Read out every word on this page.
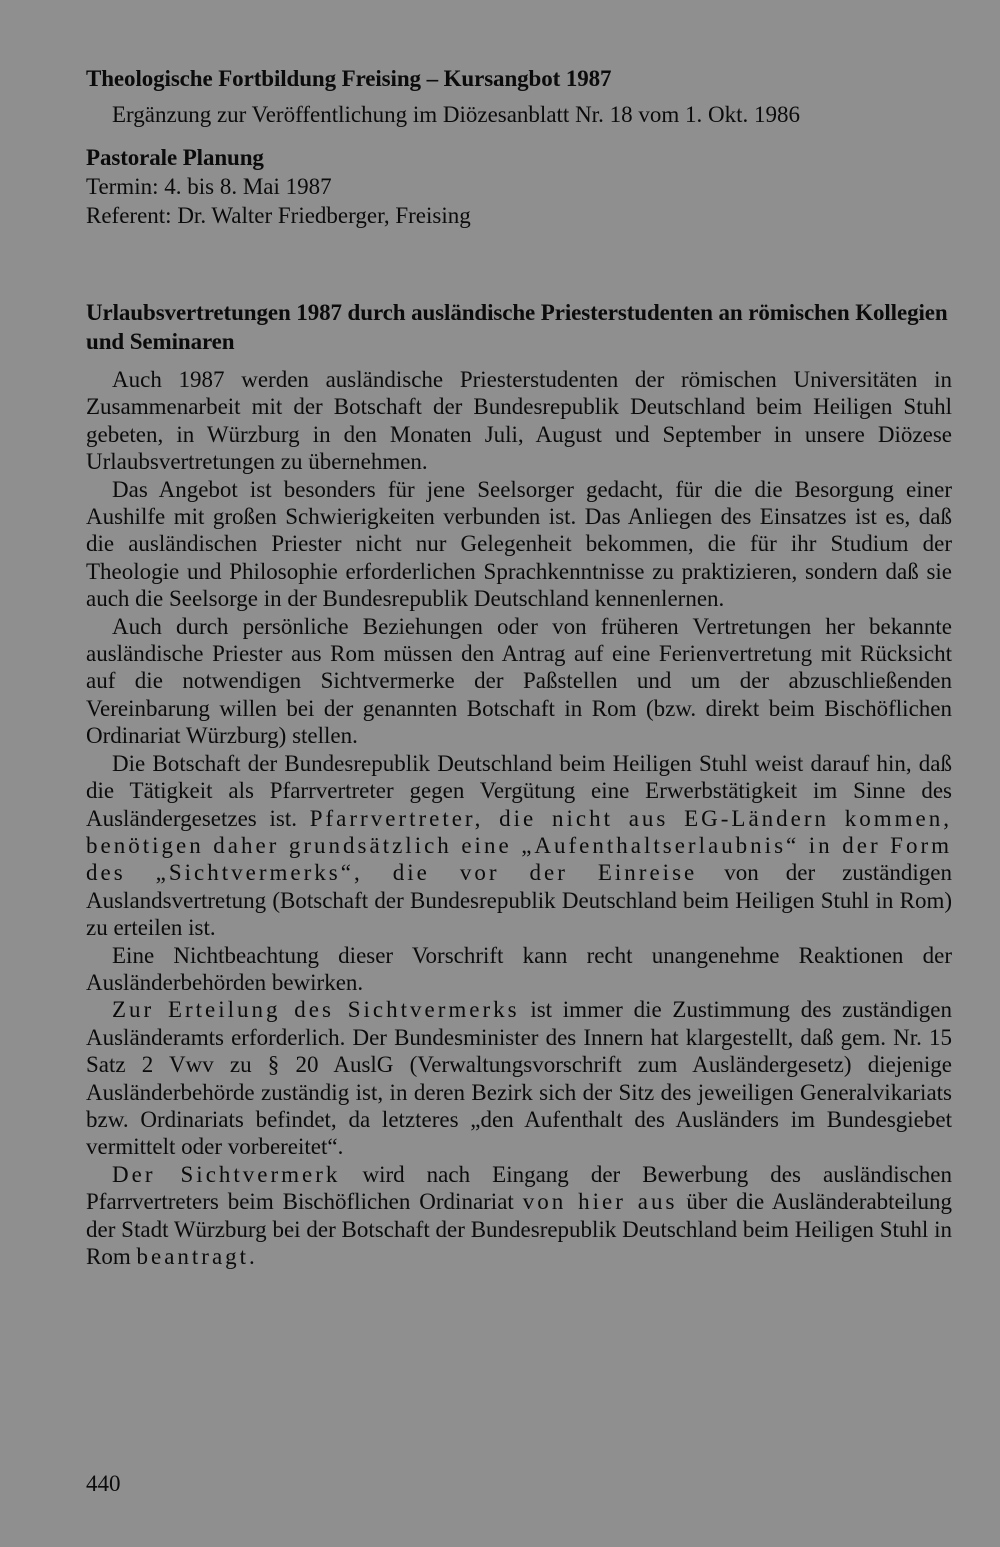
Theologische Fortbildung Freising – Kursangbot 1987

Ergänzung zur Veröffentlichung im Diözesanblatt Nr. 18 vom 1. Okt. 1986

Pastorale Planung

Termin: 4. bis 8. Mai 1987

Referent: Dr. Walter Friedberger, Freising

Urlaubsvertretungen 1987 durch ausländische Priesterstudenten an römischen Kollegien und Seminaren

Auch 1987 werden ausländische Priesterstudenten der römischen Universitäten in Zusammenarbeit mit der Botschaft der Bundesrepublik Deutschland beim Heiligen Stuhl gebeten, in Würzburg in den Monaten Juli, August und September in unsere Diözese Urlaubsvertretungen zu übernehmen.

Das Angebot ist besonders für jene Seelsorger gedacht, für die die Besorgung einer Aushilfe mit großen Schwierigkeiten verbunden ist. Das Anliegen des Einsatzes ist es, daß die ausländischen Priester nicht nur Gelegenheit bekommen, die für ihr Studium der Theologie und Philosophie erforderlichen Sprachkenntnisse zu praktizieren, sondern daß sie auch die Seelsorge in der Bundesrepublik Deutschland kennenlernen.

Auch durch persönliche Beziehungen oder von früheren Vertretungen her bekannte ausländische Priester aus Rom müssen den Antrag auf eine Ferienvertretung mit Rücksicht auf die notwendigen Sichtvermerke der Paßstellen und um der abzuschließenden Vereinbarung willen bei der genannten Botschaft in Rom (bzw. direkt beim Bischöflichen Ordinariat Würzburg) stellen.

Die Botschaft der Bundesrepublik Deutschland beim Heiligen Stuhl weist darauf hin, daß die Tätigkeit als Pfarrvertreter gegen Vergütung eine Erwerbstätigkeit im Sinne des Ausländergesetzes ist. Pfarrvertreter, die nicht aus EG-Ländern kommen, benötigen daher grundsätzlich eine „Aufenthaltserlaubnis“ in der Form des „Sichtvermerks“, die vor der Einreise von der zuständigen Auslandsvertretung (Botschaft der Bundesrepublik Deutschland beim Heiligen Stuhl in Rom) zu erteilen ist.

Eine Nichtbeachtung dieser Vorschrift kann recht unangenehme Reaktionen der Ausländerbehörden bewirken.

Zur Erteilung des Sichtvermerks ist immer die Zustimmung des zuständigen Ausländeramts erforderlich. Der Bundesminister des Innern hat klargestellt, daß gem. Nr. 15 Satz 2 Vwv zu § 20 AuslG (Verwaltungsvorschrift zum Ausländergesetz) diejenige Ausländerbehörde zuständig ist, in deren Bezirk sich der Sitz des jeweiligen Generalvikariats bzw. Ordinariats befindet, da letzteres „den Aufenthalt des Ausländers im Bundesgiebet vermittelt oder vorbereitet“.

Der Sichtvermerk wird nach Eingang der Bewerbung des ausländischen Pfarrvertreters beim Bischöflichen Ordinariat von hier aus über die Ausländerabteilung der Stadt Würzburg bei der Botschaft der Bundesrepublik Deutschland beim Heiligen Stuhl in Rom beantragt.

440
